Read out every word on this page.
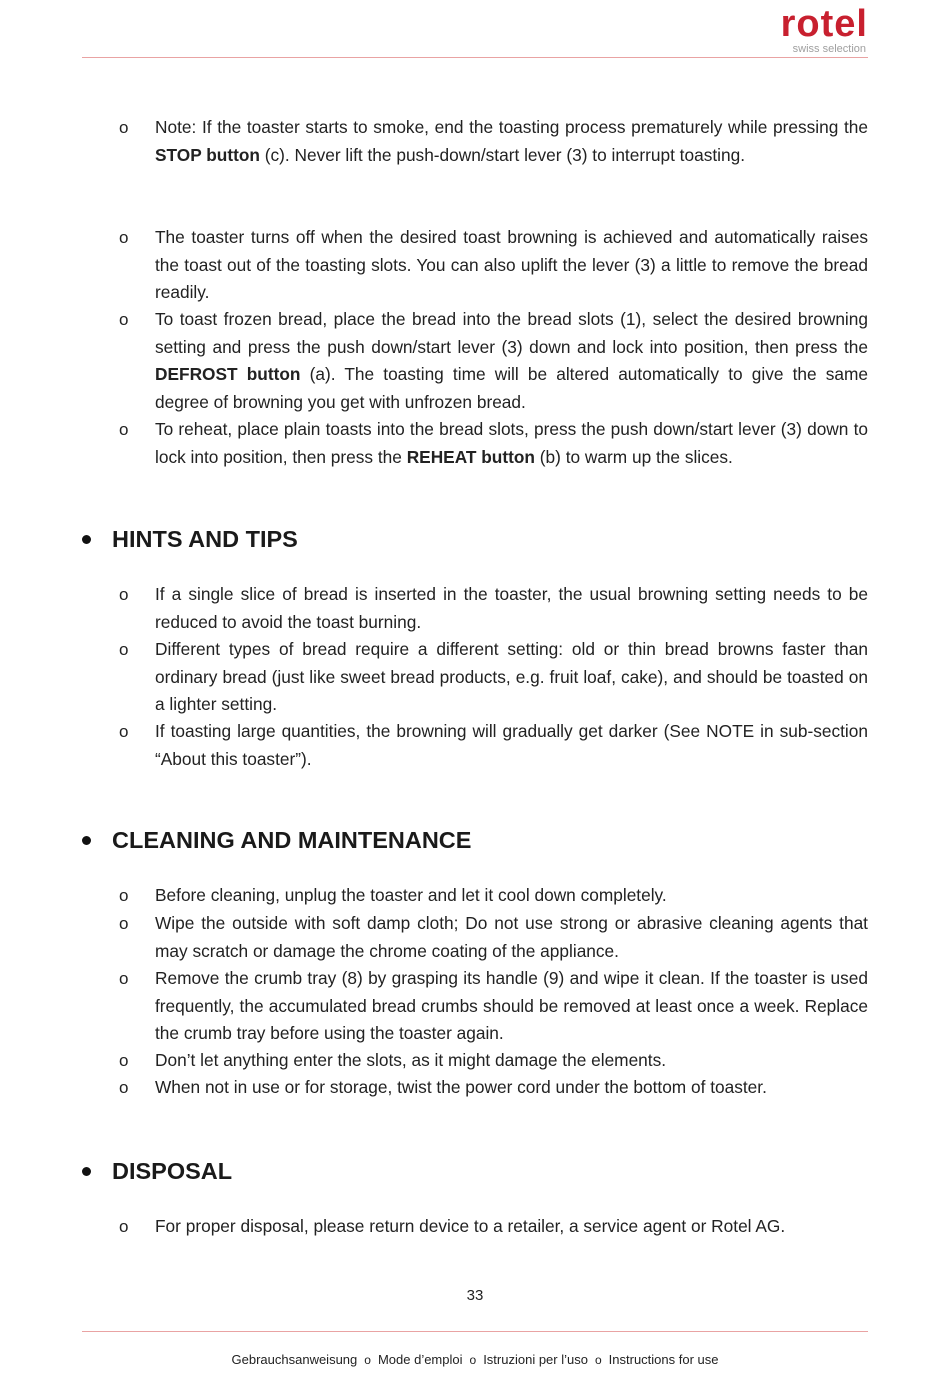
rotel
swiss selection
o Note: If the toaster starts to smoke, end the toasting process prematurely while pressing the STOP button (c). Never lift the push-down/start lever (3) to interrupt toasting.
o The toaster turns off when the desired toast browning is achieved and automatically raises the toast out of the toasting slots. You can also uplift the lever (3) a little to remove the bread readily.
o To toast frozen bread, place the bread into the bread slots (1), select the desired browning setting and press the push down/start lever (3) down and lock into position, then press the DEFROST button (a). The toasting time will be altered automatically to give the same degree of browning you get with unfrozen bread.
o To reheat, place plain toasts into the bread slots, press the push down/start lever (3) down to lock into position, then press the REHEAT button (b) to warm up the slices.
HINTS AND TIPS
o If a single slice of bread is inserted in the toaster, the usual browning setting needs to be reduced to avoid the toast burning.
o Different types of bread require a different setting: old or thin bread browns faster than ordinary bread (just like sweet bread products, e.g. fruit loaf, cake), and should be toasted on a lighter setting.
o If toasting large quantities, the browning will gradually get darker (See NOTE in sub-section “About this toaster”).
CLEANING AND MAINTENANCE
o Before cleaning, unplug the toaster and let it cool down completely.
o Wipe the outside with soft damp cloth; Do not use strong or abrasive cleaning agents that may scratch or damage the chrome coating of the appliance.
o Remove the crumb tray (8) by grasping its handle (9) and wipe it clean. If the toaster is used frequently, the accumulated bread crumbs should be removed at least once a week. Replace the crumb tray before using the toaster again.
o Don’t let anything enter the slots, as it might damage the elements.
o When not in use or for storage, twist the power cord under the bottom of toaster.
DISPOSAL
o For proper disposal, please return device to a retailer, a service agent or Rotel AG.
33
Gebrauchsanweisung o Mode d’emploi o Istruzioni per l’uso o Instructions for use
